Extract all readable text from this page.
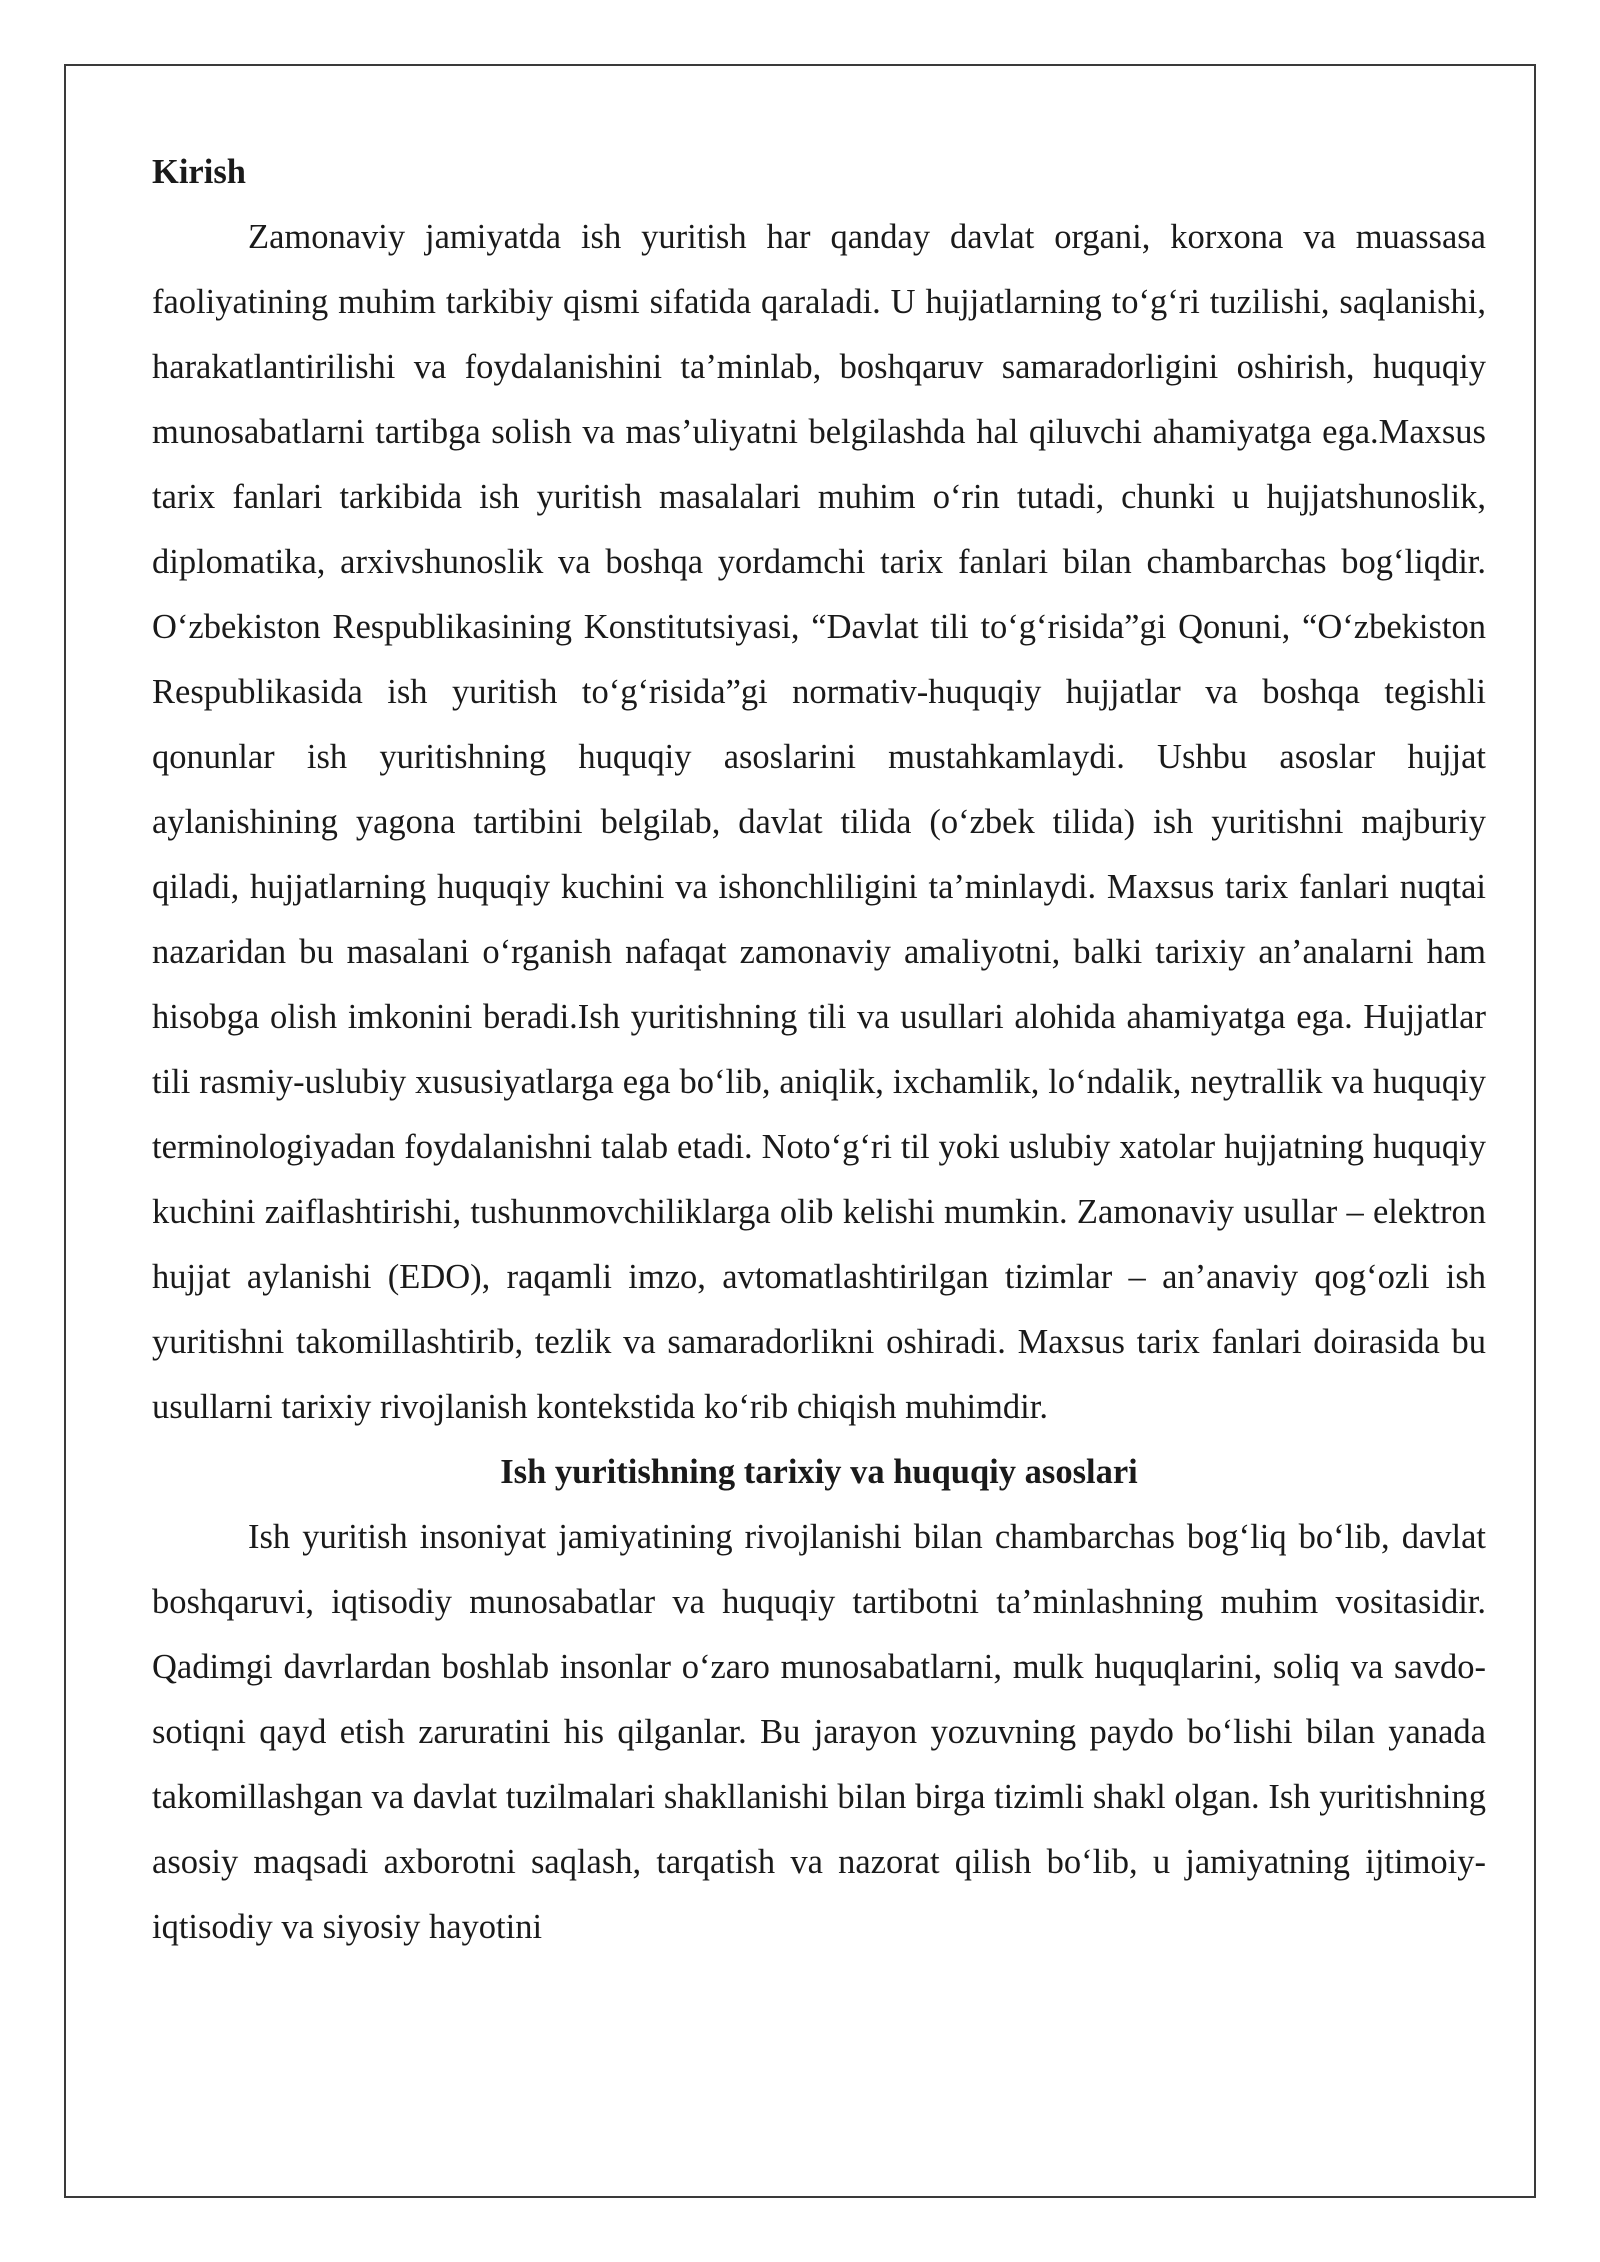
Kirish

Zamonaviy jamiyatda ish yuritish har qanday davlat organi, korxona va muassasa faoliyatining muhim tarkibiy qismi sifatida qaraladi. U hujjatlarning to‘g‘ri tuzilishi, saqlanishi, harakatlantirilishi va foydalanishini ta’minlab, boshqaruv samaradorligini oshirish, huquqiy munosabatlarni tartibga solish va mas’uliyatni belgilashda hal qiluvchi ahamiyatga ega.Maxsus tarix fanlari tarkibida ish yuritish masalalari muhim o‘rin tutadi, chunki u hujjatshunoslik, diplomatika, arxivshunoslik va boshqa yordamchi tarix fanlari bilan chambarchas bog‘liqdir. O‘zbekiston Respublikasining Konstitutsiyasi, “Davlat tili to‘g‘risida”gi Qonuni, “O‘zbekiston Respublikasida ish yuritish to‘g‘risida”gi normativ-huquqiy hujjatlar va boshqa tegishli qonunlar ish yuritishning huquqiy asoslarini mustahkamlaydi. Ushbu asoslar hujjat aylanishining yagona tartibini belgilab, davlat tilida (o‘zbek tilida) ish yuritishni majburiy qiladi, hujjatlarning huquqiy kuchini va ishonchliligini ta’minlaydi. Maxsus tarix fanlari nuqtai nazaridan bu masalani o‘rganish nafaqat zamonaviy amaliyotni, balki tarixiy an’analarni ham hisobga olish imkonini beradi.Ish yuritishning tili va usullari alohida ahamiyatga ega. Hujjatlar tili rasmiy-uslubiy xususiyatlarga ega bo‘lib, aniqlik, ixchamlik, lo‘ndalik, neytrallik va huquqiy terminologiyadan foydalanishni talab etadi. Noto‘g‘ri til yoki uslubiy xatolar hujjatning huquqiy kuchini zaiflashtirishi, tushunmovchiliklarga olib kelishi mumkin. Zamonaviy usullar – elektron hujjat aylanishi (EDO), raqamli imzo, avtomatlashtirilgan tizimlar – an’anaviy qog‘ozli ish yuritishni takomillashtirib, tezlik va samaradorlikni oshiradi. Maxsus tarix fanlari doirasida bu usullarni tarixiy rivojlanish kontekstida ko‘rib chiqish muhimdir.

Ish yuritishning tarixiy va huquqiy asoslari

Ish yuritish insoniyat jamiyatining rivojlanishi bilan chambarchas bog‘liq bo‘lib, davlat boshqaruvi, iqtisodiy munosabatlar va huquqiy tartibotni ta’minlashning muhim vositasidir. Qadimgi davrlardan boshlab insonlar o‘zaro munosabatlarni, mulk huquqlarini, soliq va savdo-sotiqni qayd etish zaruratini his qilganlar. Bu jarayon yozuvning paydo bo‘lishi bilan yanada takomillashgan va davlat tuzilmalari shakllanishi bilan birga tizimli shakl olgan. Ish yuritishning asosiy maqsadi axborotni saqlash, tarqatish va nazorat qilish bo‘lib, u jamiyatning ijtimoiy-iqtisodiy va siyosiy hayotini
